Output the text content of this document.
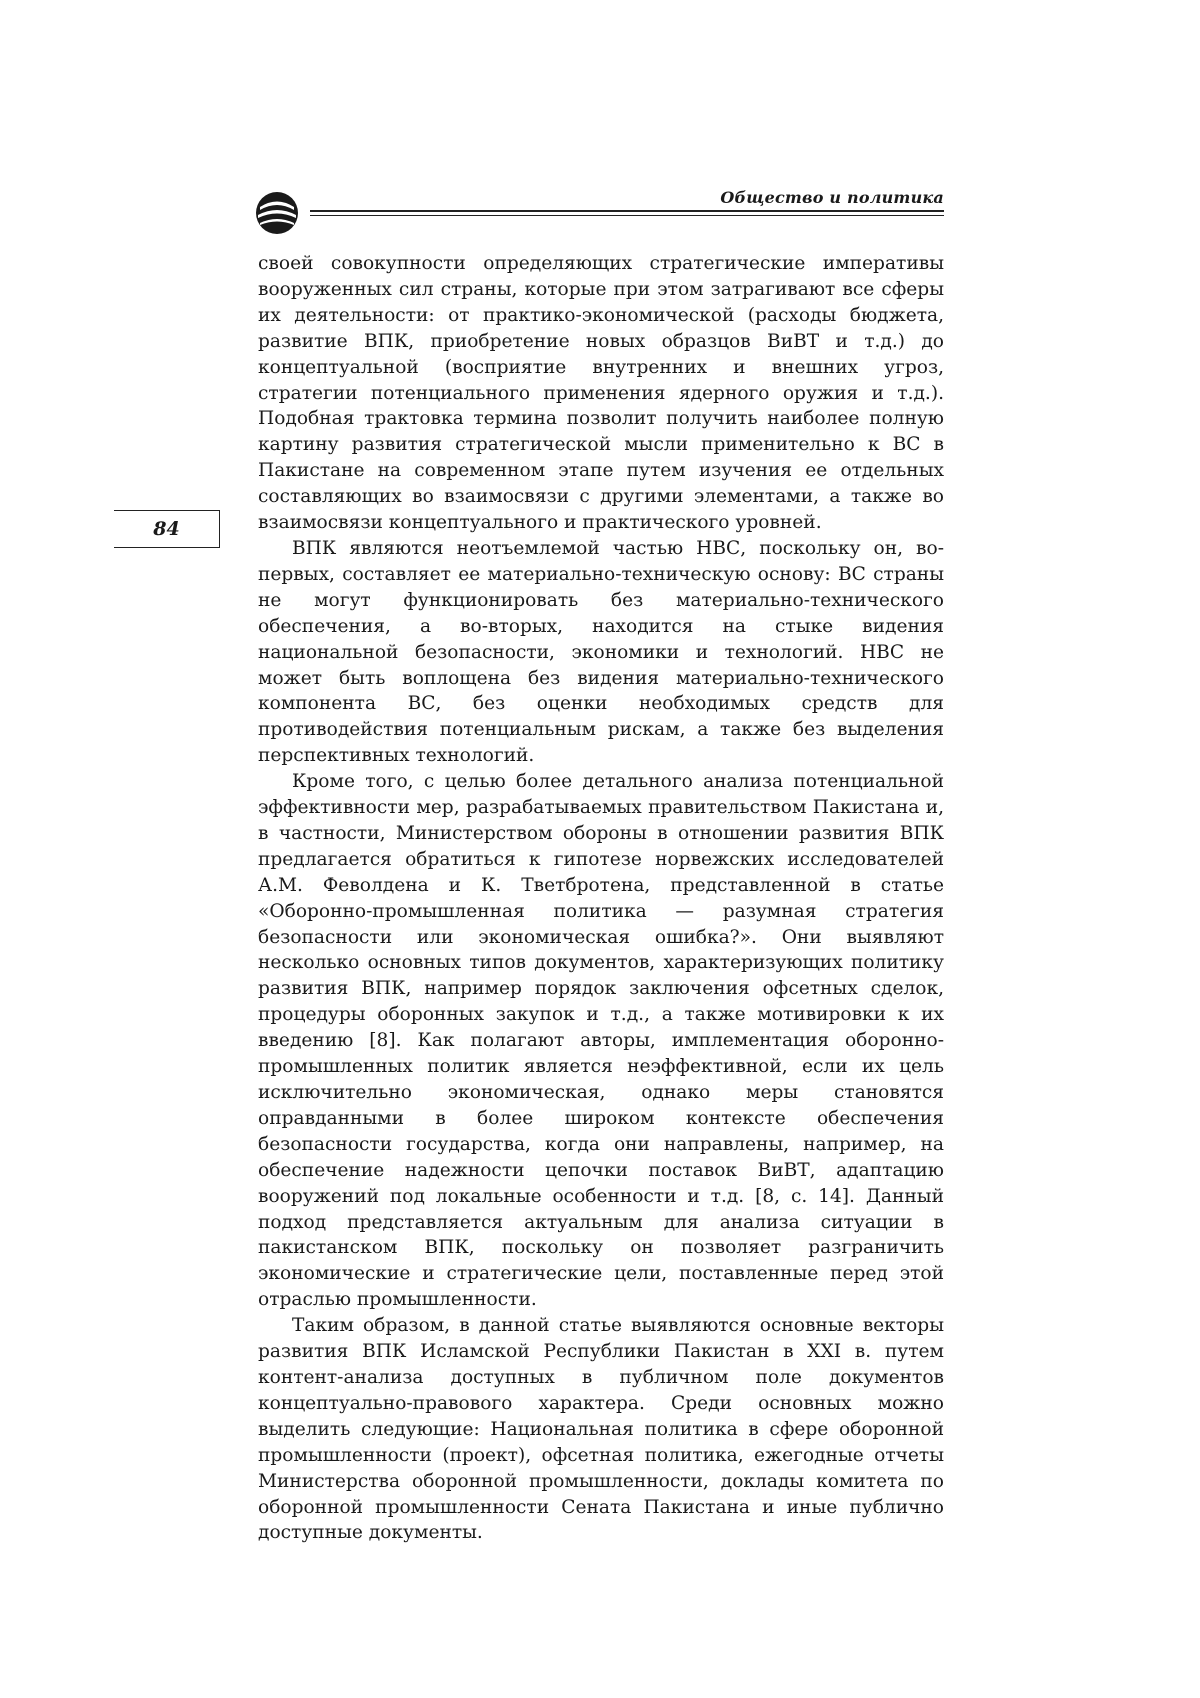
Общество и политика
84

своей совокупности определяющих стратегические императивы вооруженных сил страны, которые при этом затрагивают все сферы их деятельности: от практико-экономической (расходы бюджета, развитие ВПК, приобретение новых образцов ВиВТ и т.д.) до концептуальной (восприятие внутренних и внешних угроз, стратегии потенциального применения ядерного оружия и т.д.). Подобная трактовка термина позволит получить наиболее полную картину развития стратегической мысли применительно к ВС в Пакистане на современном этапе путем изучения ее отдельных составляющих во взаимосвязи с другими элементами, а также во взаимосвязи концептуального и практического уровней.

ВПК являются неотъемлемой частью НВС, поскольку он, во-первых, составляет ее материально-техническую основу: ВС страны не могут функционировать без материально-технического обеспечения, а во-вторых, находится на стыке видения национальной безопасности, экономики и технологий. НВС не может быть воплощена без видения материально-технического компонента ВС, без оценки необходимых средств для противодействия потенциальным рискам, а также без выделения перспективных технологий.

Кроме того, с целью более детального анализа потенциальной эффективности мер, разрабатываемых правительством Пакистана и, в частности, Министерством обороны в отношении развития ВПК предлагается обратиться к гипотезе норвежских исследователей А.М. Феволдена и К. Тветбротена, представленной в статье «Оборонно-промышленная политика — разумная стратегия безопасности или экономическая ошибка?». Они выявляют несколько основных типов документов, характеризующих политику развития ВПК, например порядок заключения офсетных сделок, процедуры оборонных закупок и т.д., а также мотивировки к их введению [8]. Как полагают авторы, имплементация оборонно-промышленных политик является неэффективной, если их цель исключительно экономическая, однако меры становятся оправданными в более широком контексте обеспечения безопасности государства, когда они направлены, например, на обеспечение надежности цепочки поставок ВиВТ, адаптацию вооружений под локальные особенности и т.д. [8, с. 14]. Данный подход представляется актуальным для анализа ситуации в пакистанском ВПК, поскольку он позволяет разграничить экономические и стратегические цели, поставленные перед этой отраслью промышленности.

Таким образом, в данной статье выявляются основные векторы развития ВПК Исламской Республики Пакистан в XXI в. путем контент-анализа доступных в публичном поле документов концептуально-правового характера. Среди основных можно выделить следующие: Национальная политика в сфере оборонной промышленности (проект), офсетная политика, ежегодные отчеты Министерства оборонной промышленности, доклады комитета по оборонной промышленности Сената Пакистана и иные публично доступные документы.
